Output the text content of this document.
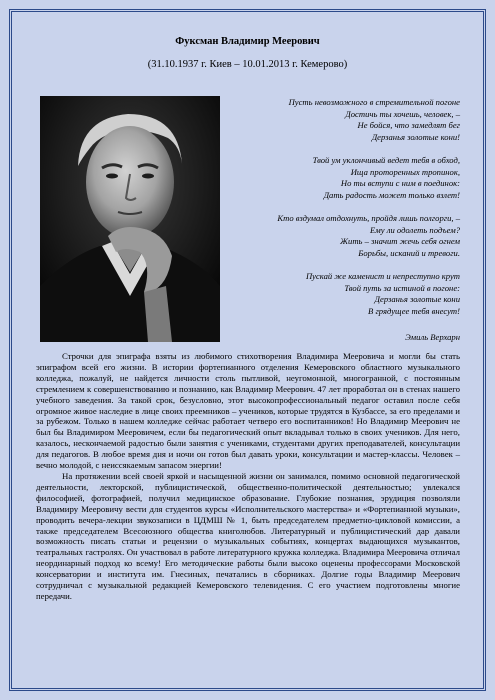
Фуксман Владимир Меерович
(31.10.1937 г. Киев – 10.01.2013 г. Кемерово)
Пусть невозможного в стремительной погоне
Достичь ты хочешь, человек, –
Не бойся, что замедлят бег
Дерзанья золотые кони!
Твой ум уклончивый ведет тебя в обход,
Ища проторенных тропинок,
Но ты вступи с ним в поединок:
Дать радость может только взлет!
Кто вздумал отдохнуть, пройдя лишь полгорги, –
Ему ли одолеть подъем?
Жить – значит жечь себя огнем
Борьбы, исканий и тревоги.
Пускай же каменист и непреступно крут
Твой путь за истиной в погоне:
Дерзанья золотые кони
В грядущее тебя внесут!
Эмиль Верхарн

Строчки для эпиграфа взяты из любимого стихотворения Владимира Мееровича и могли бы стать эпиграфом всей его жизни. В истории фортепианного отделения Кемеровского областного музыкального колледжа, пожалуй, не найдется личности столь пытливой, неугомонной, многогранной, с постоянным стремлением к совершенствованию и познанию, как Владимир Меерович. 47 лет проработал он в стенах нашего учебного заведения. За такой срок, безусловно, этот высокопрофессиональный педагог оставил после себя огромное живое наследие в лице своих преемников – учеников, которые трудятся в Кузбассе, за его пределами и за рубежом. Только в нашем колледже сейчас работает четверо его воспитанников! Но Владимир Меерович не был бы Владимиром Мееровичем, если бы педагогический опыт вкладывал только в своих учеников. Для него, казалось, нескончаемой радостью были занятия с учениками, студентами других преподавателей, консультации для педагогов. В любое время дня и ночи он готов был давать уроки, консультации и мастер-классы. Человек – вечно молодой, с неиссякаемым запасом энергии!

На протяжении всей своей яркой и насыщенной жизни он занимался, помимо основной педагогической деятельности, лекторской, публицистической, общественно-политической деятельностью; увлекался философией, фотографией, получил медицинское образование. Глубокие познания, эрудиция позволяли Владимиру Мееровичу вести для студентов курсы «Исполнительского мастерства» и «Фортепианной музыки», проводить вечера-лекции звукозаписи в ЦДМШ № 1, быть председателем предметно-цикловой комиссии, а также председателем Всесоюзного общества книголюбов. Литературный и публицистический дар давали возможность писать статьи и рецензии о музыкальных событиях, концертах выдающихся музыкантов, театральных гастролях. Он участвовал в работе литературного кружка колледжа. Владимира Мееровича отличал неординарный подход ко всему! Его методические работы были высоко оценены профессорами Московской консерватории и института им. Гнесиных, печатались в сборниках. Долгие годы Владимир Меерович сотрудничал с музыкальной редакцией Кемеровского телевидения. С его участием подготовлены многие передачи.
